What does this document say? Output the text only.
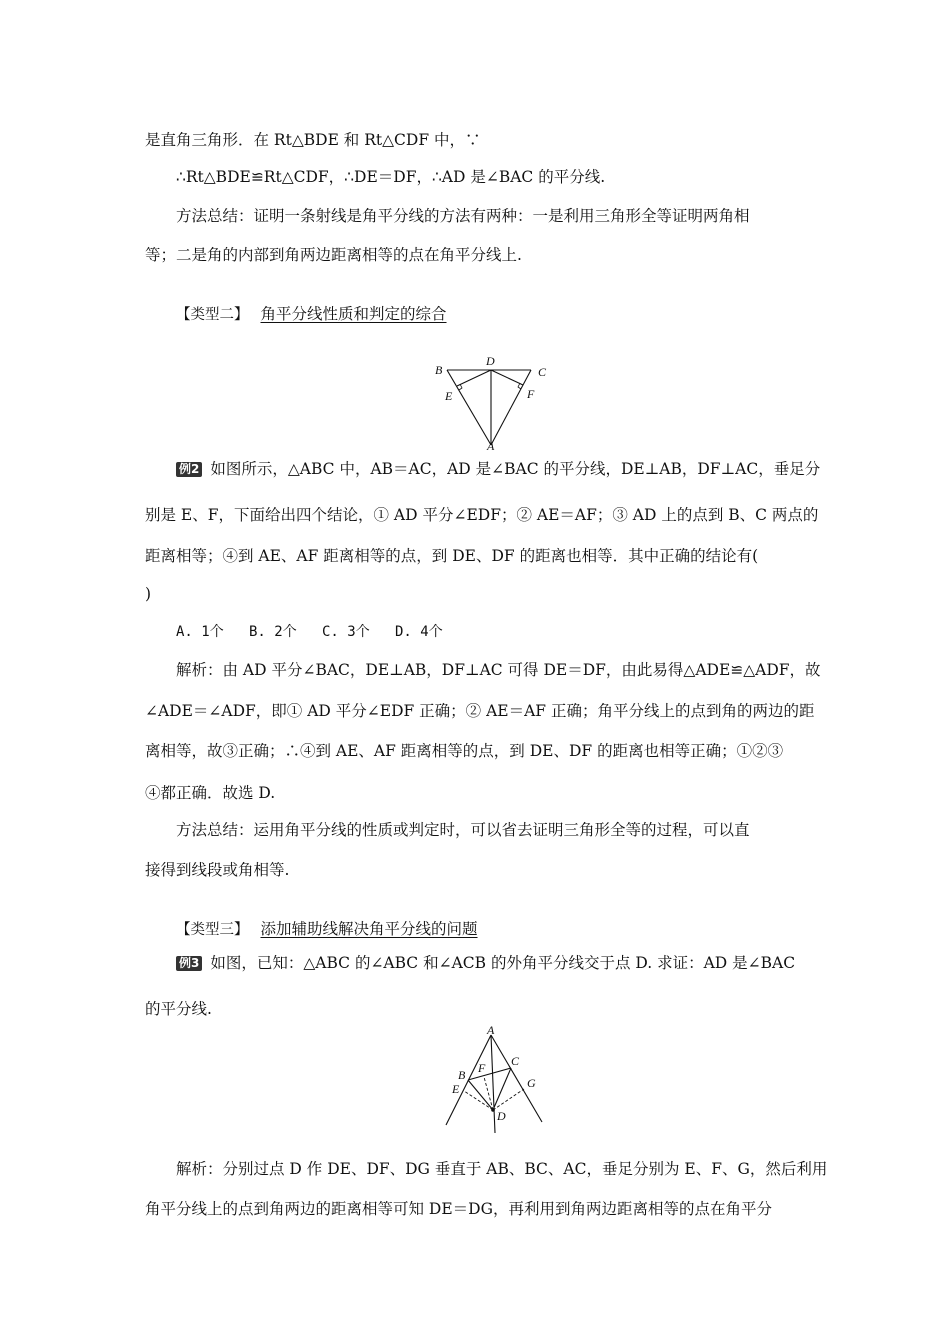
是直角三角形．在 Rt△BDE 和 Rt△CDF 中，∵
∴Rt△BDE≌Rt△CDF，∴DE＝DF，∴AD 是∠BAC 的平分线.
方法总结：证明一条射线是角平分线的方法有两种：一是利用三角形全等证明两角相
等；二是角的内部到角两边距离相等的点在角平分线上.
【类型二】 角平分线性质和判定的综合
B
D
C
E	F
A
例2 如图所示，△ABC 中，AB＝AC，AD 是∠BAC 的平分线，DE⊥AB，DF⊥AC，垂足分
别是 E、F，下面给出四个结论，① AD 平分∠EDF；② AE＝AF；③ AD 上的点到 B、C 两点的
距离相等；④到 AE、AF 距离相等的点，到 DE、DF 的距离也相等．其中正确的结论有(
)
A. 1个   B. 2个   C. 3个   D. 4个
解析：由 AD 平分∠BAC，DE⊥AB，DF⊥AC 可得 DE＝DF，由此易得△ADE≌△ADF，故
∠ADE＝∠ADF，即① AD 平分∠EDF 正确；② AE＝AF 正确；角平分线上的点到角的两边的距
离相等，故③正确；∴④到 AE、AF 距离相等的点，到 DE、DF 的距离也相等正确；①②③
④都正确．故选 D.
方法总结：运用角平分线的性质或判定时，可以省去证明三角形全等的过程，可以直
接得到线段或角相等.
【类型三】 添加辅助线解决角平分线的问题
例3 如图，已知：△ABC 的∠ABC 和∠ACB 的外角平分线交于点 D. 求证：AD 是∠BAC
的平分线.
A
C
F
B
E	G
D
解析：分别过点 D 作 DE、DF、DG 垂直于 AB、BC、AC，垂足分别为 E、F、G，然后利用
角平分线上的点到角两边的距离相等可知 DE＝DG，再利用到角两边距离相等的点在角平分
